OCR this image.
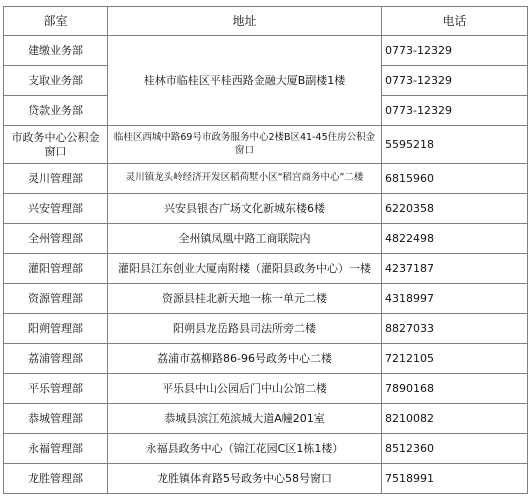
部室	地址	电话
建缴业务部	桂林市临桂区平桂西路金融大厦B副楼1楼	0773-12329
支取业务部		0773-12329
贷款业务部		0773-12329
市政务中心公积金窗口	临桂区西城中路69号市政务服务中心2楼B区41-45住房公积金窗口	5595218
灵川管理部	灵川镇龙头岭经济开发区稻荷墅小区“稻宫商务中心”二楼	6815960
兴安管理部	兴安县银杏广场文化新城东楼6楼	6220358
全州管理部	全州镇凤凰中路工商联院内	4822498
灌阳管理部	灌阳县江东创业大厦南附楼（灌阳县政务中心）一楼	4237187
资源管理部	资源县桂北新天地一栋一单元二楼	4318997
阳朔管理部	阳朔县龙岳路县司法所旁二楼	8827033
荔浦管理部	荔浦市荔柳路86-96号政务中心二楼	7212105
平乐管理部	平乐县中山公园后门中山公馆二楼	7890168
恭城管理部	恭城县滨江苑滨城大道A幢201室	8210082
永福管理部	永福县政务中心（锦江花园C区1栋1楼）	8512360
龙胜管理部	龙胜镇体育路5号政务中心58号窗口	7518991
